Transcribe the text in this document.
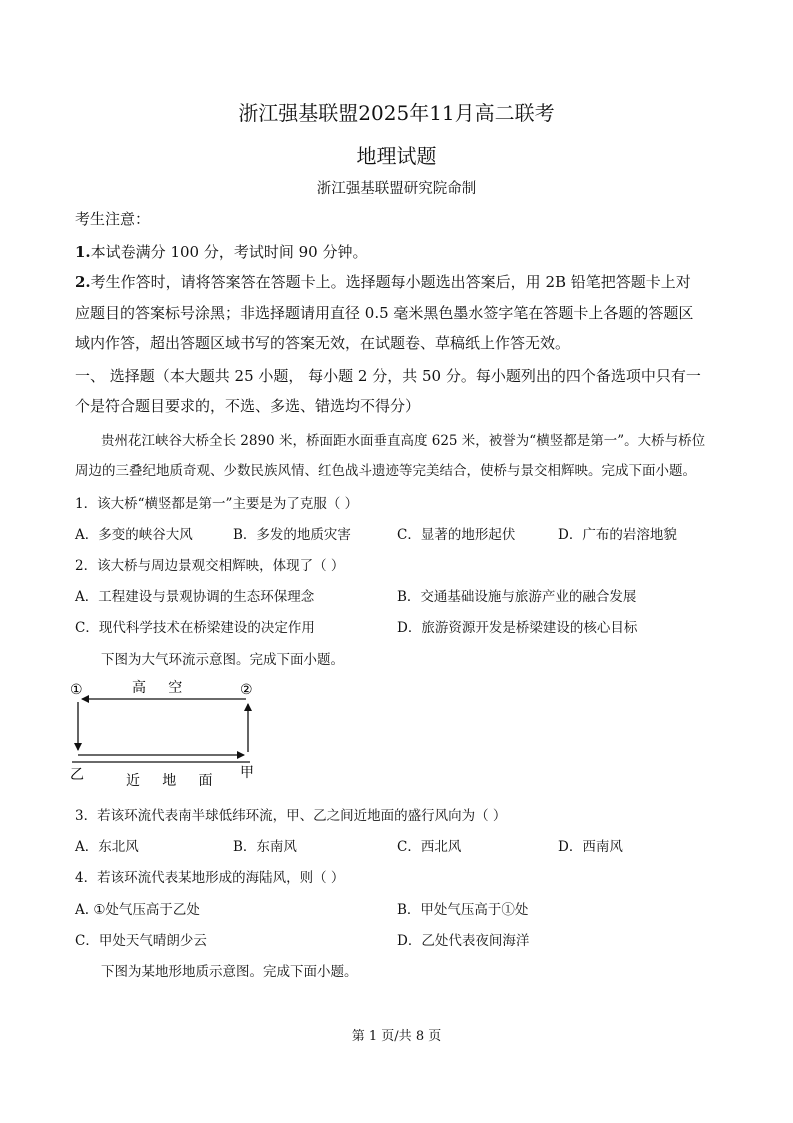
浙江强基联盟2025年11月高二联考
地理试题
浙江强基联盟研究院命制
考生注意：
1.本试卷满分 100 分，考试时间 90 分钟。
2.考生作答时，请将答案答在答题卡上。选择题每小题选出答案后，用 2B 铅笔把答题卡上对
应题目的答案标号涂黑；非选择题请用直径 0.5 毫米黑色墨水签字笔在答题卡上各题的答题区
域内作答，超出答题区域书写的答案无效，在试题卷、草稿纸上作答无效。
一、 选择题（本大题共 25 小题， 每小题 2 分，共 50 分。每小题列出的四个备选项中只有一
个是符合题目要求的，不选、多选、错选均不得分）
贵州花江峡谷大桥全长 2890 米，桥面距水面垂直高度 625 米，被誉为“横竖都是第一”。大桥与桥位
周边的三叠纪地质奇观、少数民族风情、红色战斗遗迹等完美结合，使桥与景交相辉映。完成下面小题。
1．该大桥“横竖都是第一”主要是为了克服（ ）
A．多变的峡谷大风	B．多发的地质灾害	C．显著的地形起伏	D．广布的岩溶地貌
2．该大桥与周边景观交相辉映，体现了（ ）
A．工程建设与景观协调的生态环保理念	B．交通基础设施与旅游产业的融合发展
C．现代科学技术在桥梁建设的决定作用	D．旅游资源开发是桥梁建设的核心目标
下图为大气环流示意图。完成下面小题。
①	②
乙	甲
高     空
近     地     面
3．若该环流代表南半球低纬环流，甲、乙之间近地面的盛行风向为（ ）
A．东北风	B．东南风	C．西北风	D．西南风
4．若该环流代表某地形成的海陆风，则（ ）
A. ①处气压高于乙处	B．甲处气压高于①处
C．甲处天气晴朗少云	D．乙处代表夜间海洋
下图为某地形地质示意图。完成下面小题。
第 1 页/共 8 页
